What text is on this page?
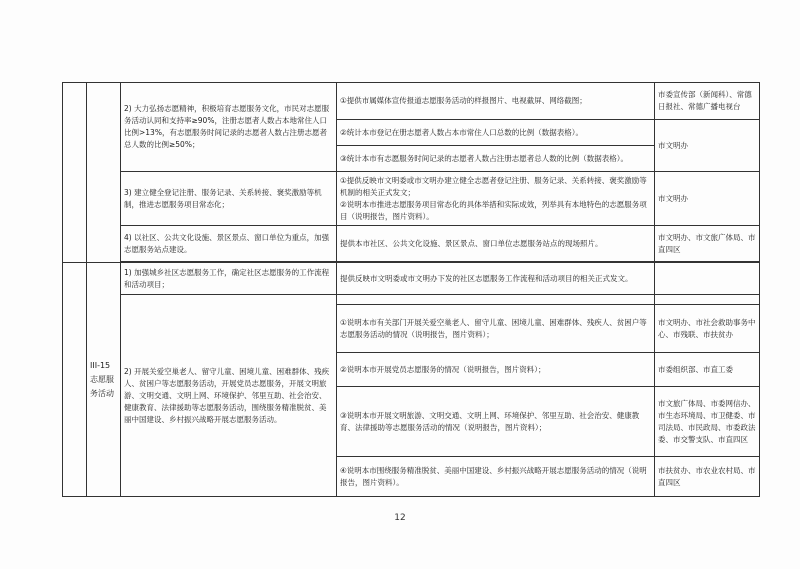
		2) 大力弘扬志愿精神，积极培育志愿服务文化，市民对志愿服务活动认同和支持率≥90%，注册志愿者人数占本地常住人口比例>13%，有志愿服务时间记录的志愿者人数占注册志愿者总人数的比例≥50%；	①提供市属媒体宣传报道志愿服务活动的样报图片、电视截屏、网络截图；	市委宣传部（新闻科）、常德日报社、常德广播电视台
			②统计本市登记在册志愿者人数占本市常住人口总数的比例（数据表格）。	市文明办
			③统计本市有志愿服务时间记录的志愿者人数占注册志愿者总人数的比例（数据表格）。	
		3) 建立健全登记注册、服务记录、关系转接、褒奖激励等机制，推进志愿服务项目常态化；	①提供反映市文明委或市文明办建立健全志愿者登记注册、服务记录、关系转接、褒奖激励等机制的相关正式发文；
②说明本市推进志愿服务项目常态化的具体举措和实际成效，列举具有本地特色的志愿服务项目（说明报告，图片资料）。	市文明办
		4) 以社区、公共文化设施、景区景点、窗口单位为重点，加强志愿服务站点建设。	提供本市社区、公共文化设施、景区景点、窗口单位志愿服务站点的现场照片。	市文明办、市文旅广体局、市直四区

	III-15 志愿服务活动	1) 加强城乡社区志愿服务工作，确定社区志愿服务的工作流程和活动项目；	提供反映市文明委或市文明办下发的社区志愿服务工作流程和活动项目的相关正式发文。	
		2) 开展关爱空巢老人、留守儿童、困境儿童、困难群体、残疾人、贫困户等志愿服务活动，开展党员志愿服务，开展文明旅游、文明交通、文明上网、环境保护、邻里互助、社会治安、健康教育、法律援助等志愿服务活动，围绕服务精准脱贫、美丽中国建设、乡村振兴战略开展志愿服务活动。		
			①说明本市有关部门开展关爱空巢老人、留守儿童、困境儿童、困难群体、残疾人、贫困户等志愿服务活动的情况（说明报告，图片资料）；	市文明办、市社会救助事务中心、市残联、市扶贫办
			②说明本市开展党员志愿服务的情况（说明报告，图片资料）；	市委组织部、市直工委
			③说明本市开展文明旅游、文明交通、文明上网、环境保护、邻里互助、社会治安、健康教育、法律援助等志愿服务活动的情况（说明报告，图片资料）；	市文旅广体局、市委网信办、市生态环境局、市卫健委、市司法局、市民政局、市委政法委、市交警支队、市直四区
			④说明本市围绕服务精准脱贫、美丽中国建设、乡村振兴战略开展志愿服务活动的情况（说明报告，图片资料）。	市扶贫办、市农业农村局、市直四区
12
